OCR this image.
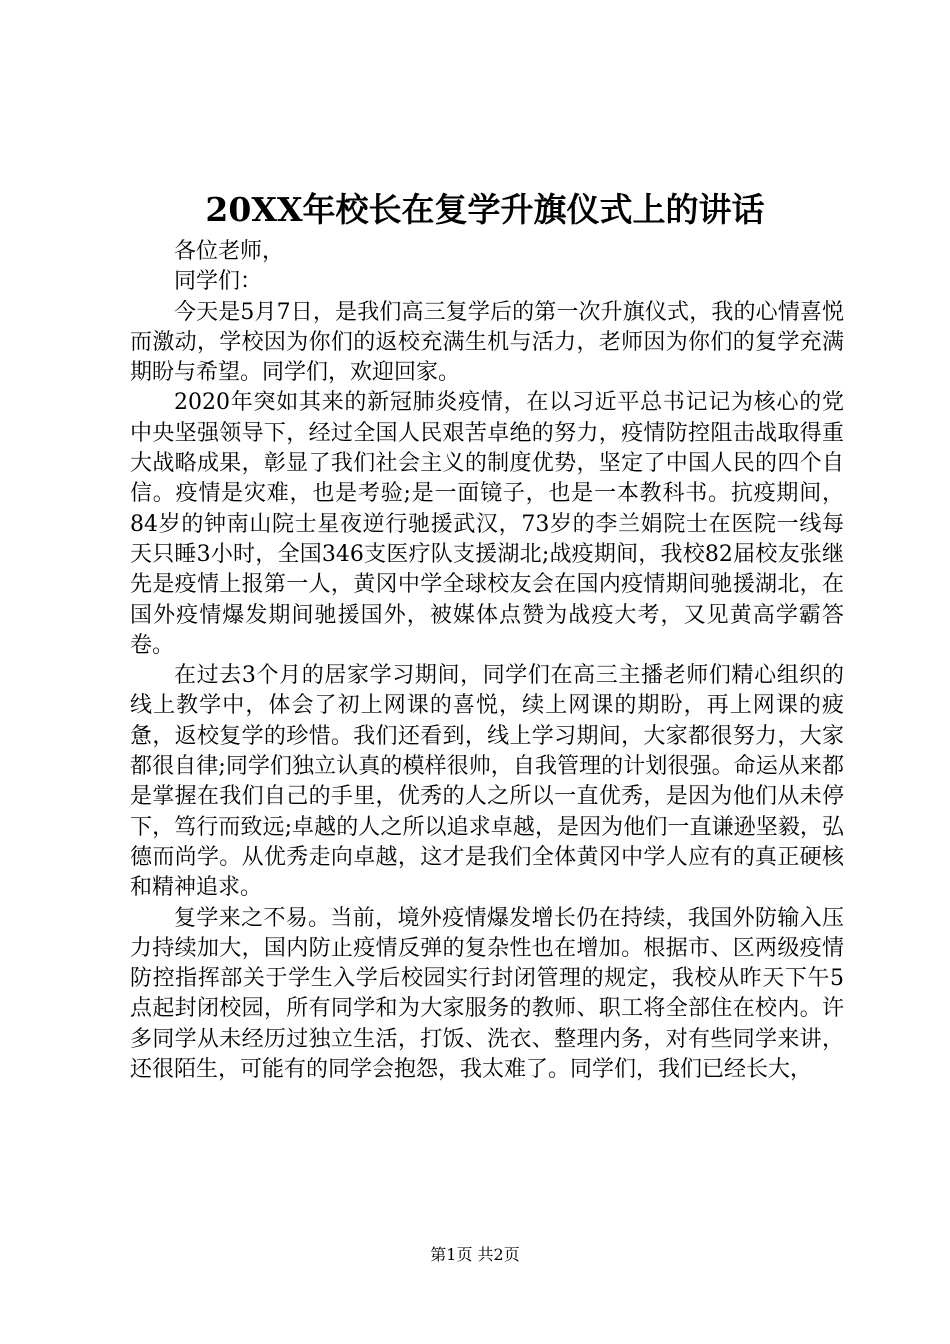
20XX年校长在复学升旗仪式上的讲话

各位老师，

同学们：

今天是5月7日，是我们高三复学后的第一次升旗仪式，我的心情喜悦而激动，学校因为你们的返校充满生机与活力，老师因为你们的复学充满期盼与希望。同学们，欢迎回家。

2020年突如其来的新冠肺炎疫情，在以习近平总书记记为核心的党中央坚强领导下，经过全国人民艰苦卓绝的努力，疫情防控阻击战取得重大战略成果，彰显了我们社会主义的制度优势，坚定了中国人民的四个自信。疫情是灾难，也是考验;是一面镜子，也是一本教科书。抗疫期间，84岁的钟南山院士星夜逆行驰援武汉，73岁的李兰娟院士在医院一线每天只睡3小时，全国346支医疗队支援湖北;战疫期间，我校82届校友张继先是疫情上报第一人，黄冈中学全球校友会在国内疫情期间驰援湖北，在国外疫情爆发期间驰援国外，被媒体点赞为战疫大考，又见黄高学霸答卷。

在过去3个月的居家学习期间，同学们在高三主播老师们精心组织的线上教学中，体会了初上网课的喜悦，续上网课的期盼，再上网课的疲惫，返校复学的珍惜。我们还看到，线上学习期间，大家都很努力，大家都很自律;同学们独立认真的模样很帅，自我管理的计划很强。命运从来都是掌握在我们自己的手里，优秀的人之所以一直优秀，是因为他们从未停下，笃行而致远;卓越的人之所以追求卓越，是因为他们一直谦逊坚毅，弘德而尚学。从优秀走向卓越，这才是我们全体黄冈中学人应有的真正硬核和精神追求。

复学来之不易。当前，境外疫情爆发增长仍在持续，我国外防输入压力持续加大，国内防止疫情反弹的复杂性也在增加。根据市、区两级疫情防控指挥部关于学生入学后校园实行封闭管理的规定，我校从昨天下午5点起封闭校园，所有同学和为大家服务的教师、职工将全部住在校内。许多同学从未经历过独立生活，打饭、洗衣、整理内务，对有些同学来讲，还很陌生，可能有的同学会抱怨，我太难了。同学们，我们已经长大，

第1页 共2页
